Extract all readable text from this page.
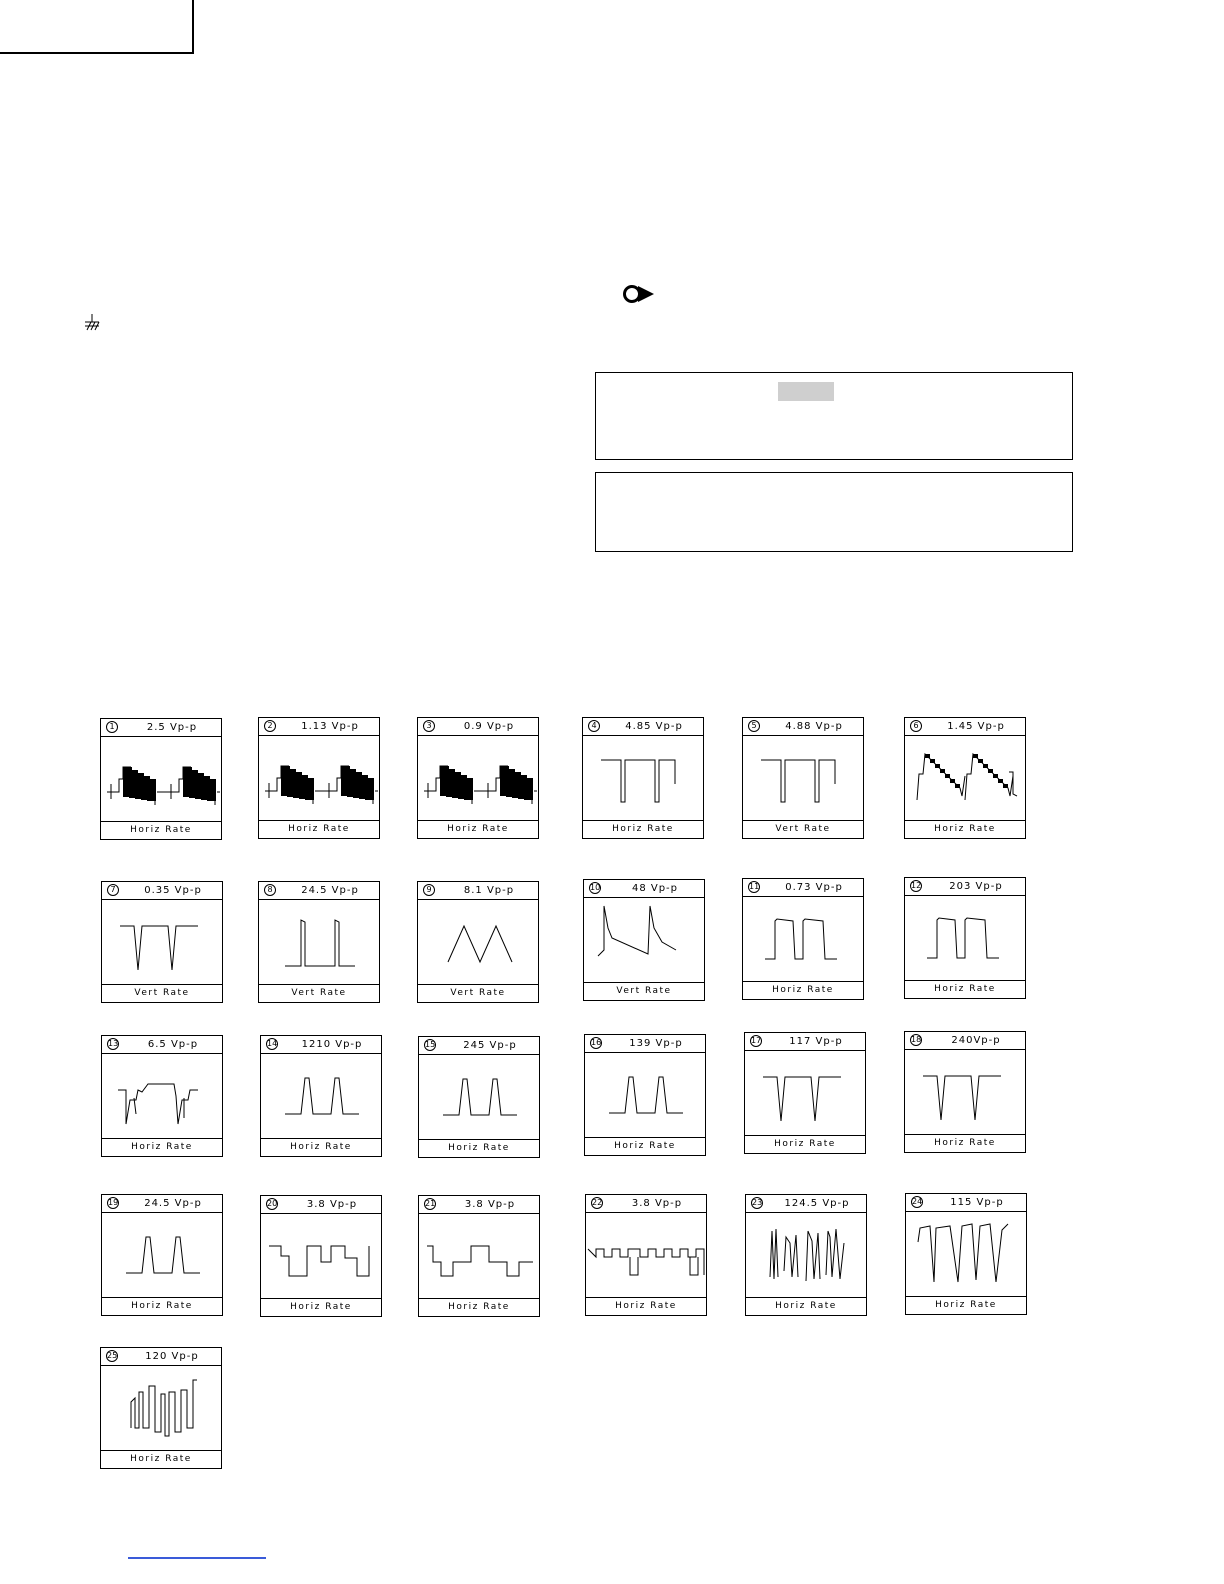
1	2.5 Vp-p
Horiz Rate
2	1.13 Vp-p
Horiz Rate
3	0.9 Vp-p
Horiz Rate
4	4.85 Vp-p
Horiz Rate
5	4.88 Vp-p
Vert Rate
6	1.45 Vp-p
Horiz Rate
7	0.35 Vp-p
Vert Rate
8	24.5 Vp-p
Vert Rate
9	8.1 Vp-p
Vert Rate
10	48 Vp-p
Vert Rate
11	0.73 Vp-p
Horiz Rate
12	203 Vp-p
Horiz Rate
13	6.5 Vp-p
Horiz Rate
14	1210 Vp-p
Horiz Rate
15	245 Vp-p
Horiz Rate
16	139 Vp-p
Horiz Rate
17	117 Vp-p
Horiz Rate
18	240Vp-p
Horiz Rate
19	24.5 Vp-p
Horiz Rate
20	3.8 Vp-p
Horiz Rate
21	3.8 Vp-p
Horiz Rate
22	3.8 Vp-p
Horiz Rate
23	124.5 Vp-p
Horiz Rate
24	115 Vp-p
Horiz Rate
25	120 Vp-p
Horiz Rate
